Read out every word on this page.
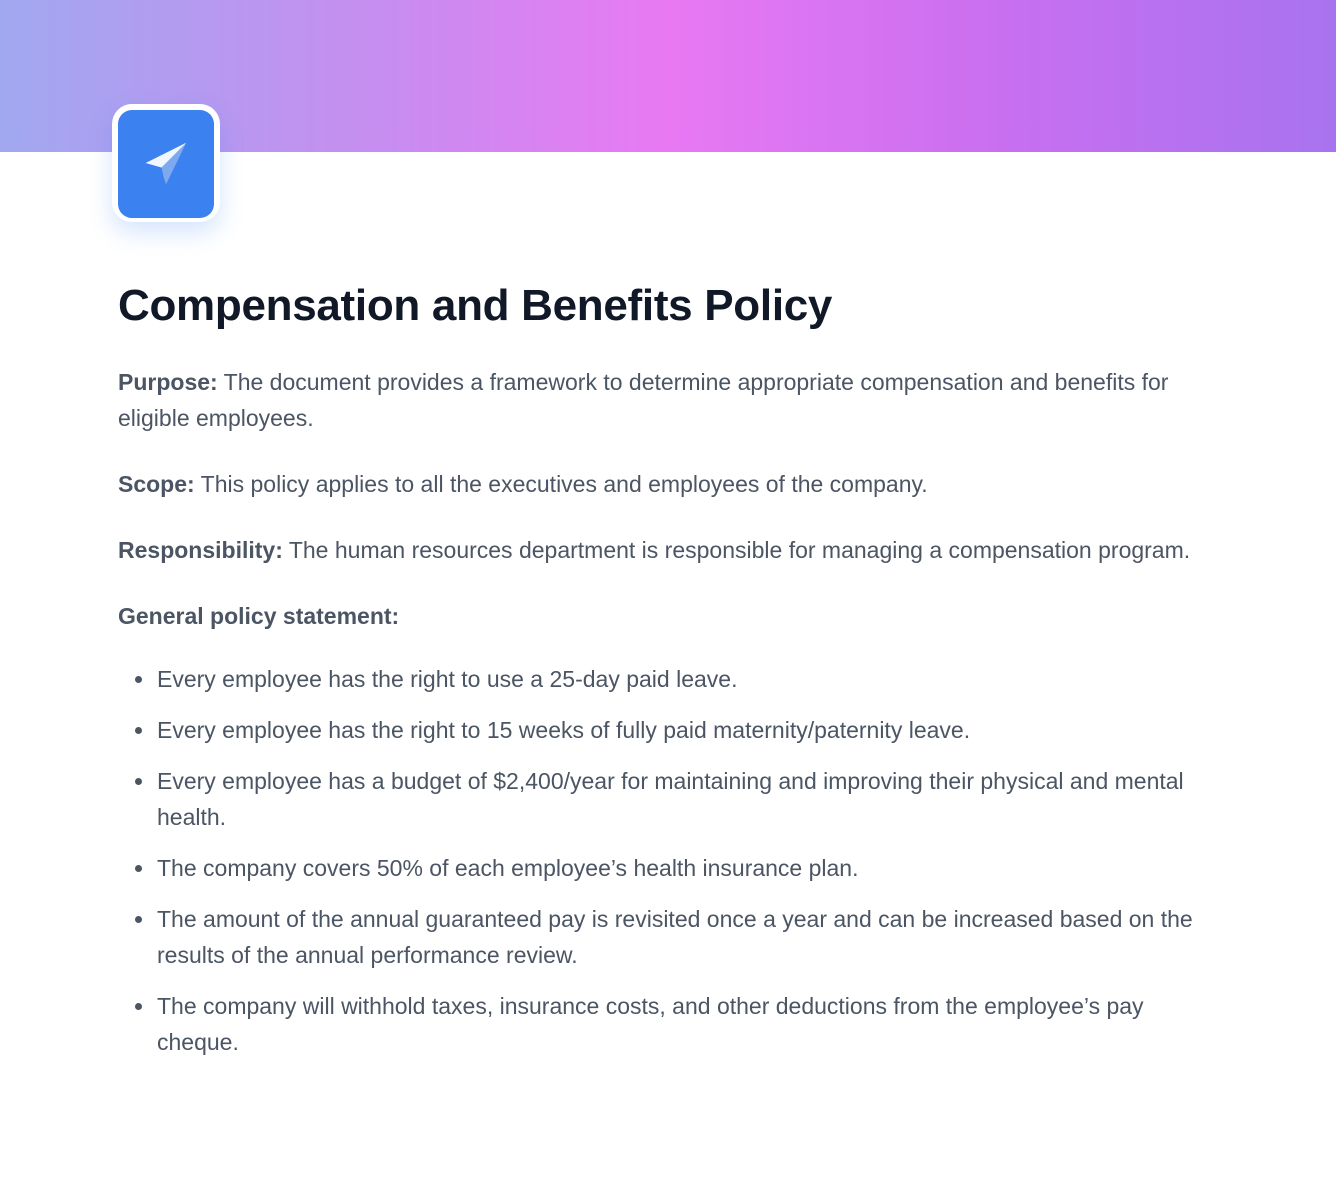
Compensation and Benefits Policy

Purpose: The document provides a framework to determine appropriate compensation and benefits for eligible employees.

Scope: This policy applies to all the executives and employees of the company.

Responsibility: The human resources department is responsible for managing a compensation program.

General policy statement:

Every employee has the right to use a 25-day paid leave.
Every employee has the right to 15 weeks of fully paid maternity/paternity leave.
Every employee has a budget of $2,400/year for maintaining and improving their physical and mental health.
The company covers 50% of each employee’s health insurance plan.
The amount of the annual guaranteed pay is revisited once a year and can be increased based on the results of the annual performance review.
The company will withhold taxes, insurance costs, and other deductions from the employee’s pay cheque.
